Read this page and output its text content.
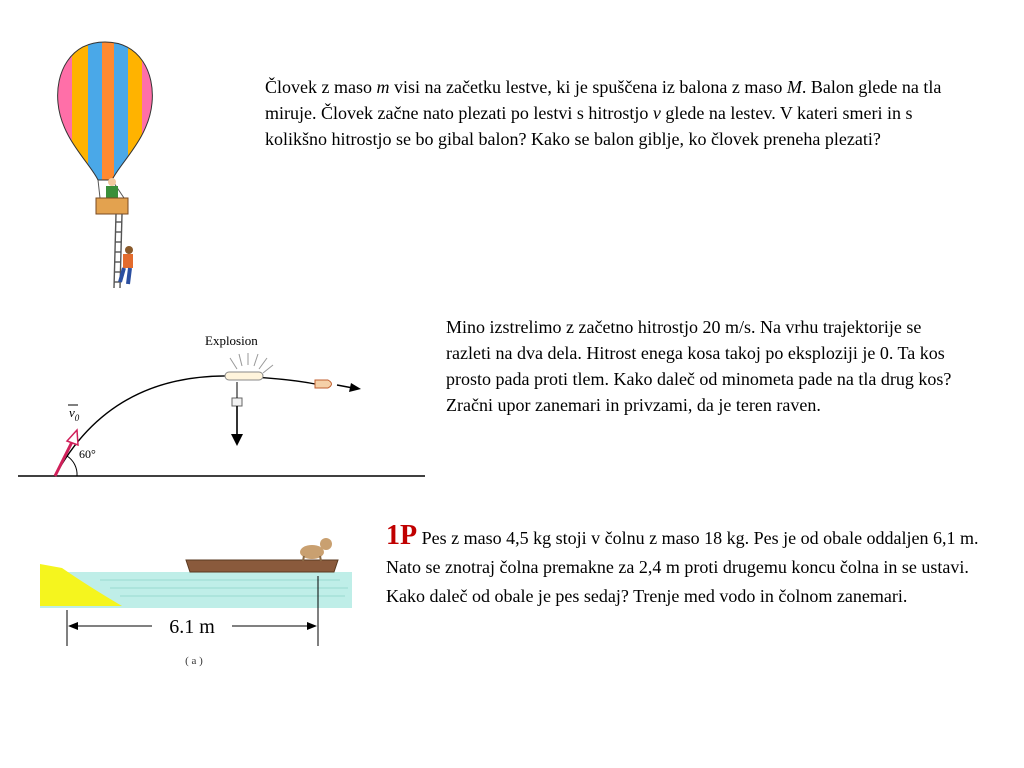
Človek z maso m visi na začetku lestve, ki je spuščena iz balona z maso M. Balon glede na tla miruje. Človek začne nato plezati po lestvi s hitrostjo v glede na lestev. V kateri smeri in s kolikšno hitrostjo se bo gibal balon? Kako se balon giblje, ko človek preneha plezati?
Mino izstrelimo z začetno hitrostjo 20 m/s. Na vrhu trajektorije se razleti na dva dela. Hitrost enega kosa takoj po eksploziji je 0. Ta kos prosto pada proti tlem. Kako daleč od minometa pade na tla drug kos? Zračni upor zanemari in privzami, da je teren raven.
1P Pes z maso 4,5 kg stoji v čolnu z maso 18 kg. Pes je od obale oddaljen 6,1 m. Nato se znotraj čolna premakne za 2,4 m proti drugemu koncu čolna in se ustavi. Kako daleč od obale je pes sedaj? Trenje med vodo in čolnom zanemari.
60°
$v_0$
Explosion
6.1 m
( a )
